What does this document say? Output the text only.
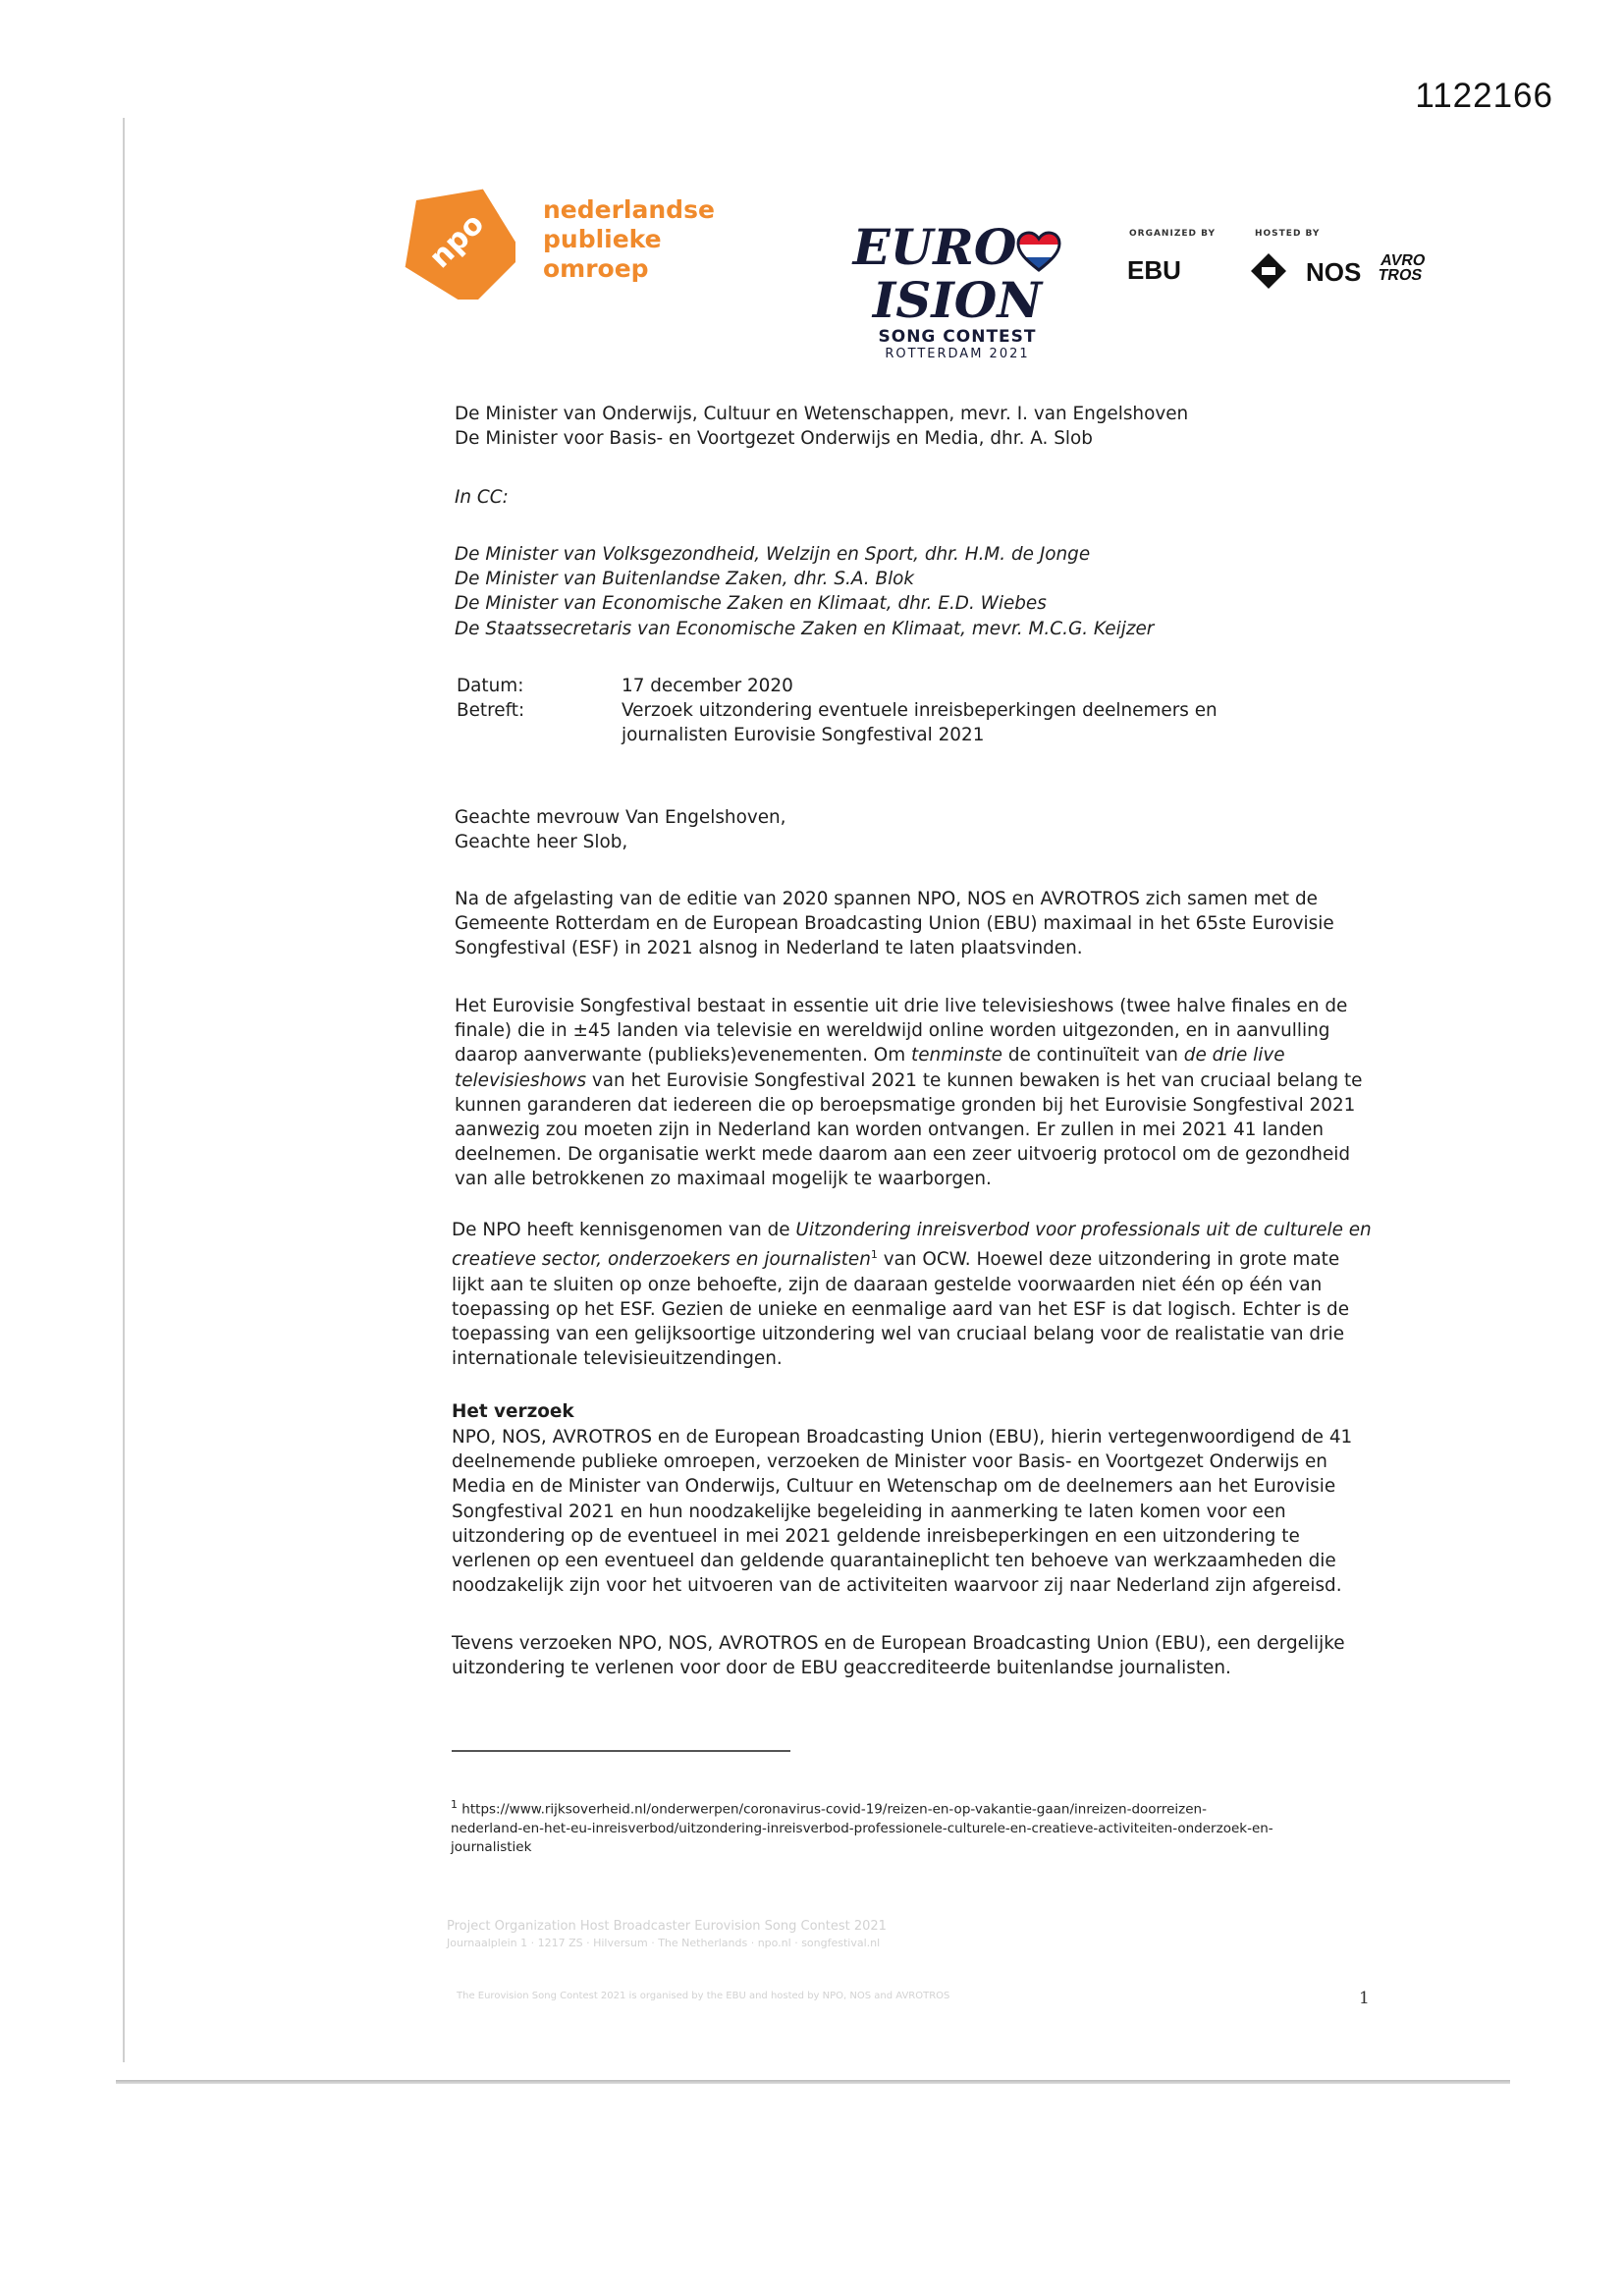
1122166
npo nederlandse
publieke
omroep	EUROISION
SONG CONTEST
ROTTERDAM 2021
ORGANIZED BY
EBU
HOSTED BY
NOS AVRO
TROS
De Minister van Onderwijs, Cultuur en Wetenschappen, mevr. I. van Engelshoven
De Minister voor Basis- en Voortgezet Onderwijs en Media, dhr. A. Slob
In CC:
De Minister van Volksgezondheid, Welzijn en Sport, dhr. H.M. de Jonge
De Minister van Buitenlandse Zaken, dhr. S.A. Blok
De Minister van Economische Zaken en Klimaat, dhr. E.D. Wiebes
De Staatssecretaris van Economische Zaken en Klimaat, mevr. M.C.G. Keijzer
Datum:	17 december 2020
Betreft:	Verzoek uitzondering eventuele inreisbeperkingen deelnemers en
journalisten Eurovisie Songfestival 2021
Geachte mevrouw Van Engelshoven,
Geachte heer Slob,
Na de afgelasting van de editie van 2020 spannen NPO, NOS en AVROTROS zich samen met de
Gemeente Rotterdam en de European Broadcasting Union (EBU) maximaal in het 65ste Eurovisie
Songfestival (ESF) in 2021 alsnog in Nederland te laten plaatsvinden.
Het Eurovisie Songfestival bestaat in essentie uit drie live televisieshows (twee halve finales en de
finale) die in ±45 landen via televisie en wereldwijd online worden uitgezonden, en in aanvulling
daarop aanverwante (publieks)evenementen. Om tenminste de continuïteit van de drie live
televisieshows van het Eurovisie Songfestival 2021 te kunnen bewaken is het van cruciaal belang te
kunnen garanderen dat iedereen die op beroepsmatige gronden bij het Eurovisie Songfestival 2021
aanwezig zou moeten zijn in Nederland kan worden ontvangen. Er zullen in mei 2021 41 landen
deelnemen. De organisatie werkt mede daarom aan een zeer uitvoerig protocol om de gezondheid
van alle betrokkenen zo maximaal mogelijk te waarborgen.
De NPO heeft kennisgenomen van de Uitzondering inreisverbod voor professionals uit de culturele en
creatieve sector, onderzoekers en journalisten$^1$ van OCW. Hoewel deze uitzondering in grote mate
lijkt aan te sluiten op onze behoefte, zijn de daaraan gestelde voorwaarden niet één op één van
toepassing op het ESF. Gezien de unieke en eenmalige aard van het ESF is dat logisch. Echter is de
toepassing van een gelijksoortige uitzondering wel van cruciaal belang voor de realistatie van drie
internationale televisieuitzendingen.
Het verzoek
NPO, NOS, AVROTROS en de European Broadcasting Union (EBU), hierin vertegenwoordigend de 41
deelnemende publieke omroepen, verzoeken de Minister voor Basis- en Voortgezet Onderwijs en
Media en de Minister van Onderwijs, Cultuur en Wetenschap om de deelnemers aan het Eurovisie
Songfestival 2021 en hun noodzakelijke begeleiding in aanmerking te laten komen voor een
uitzondering op de eventueel in mei 2021 geldende inreisbeperkingen en een uitzondering te
verlenen op een eventueel dan geldende quarantaineplicht ten behoeve van werkzaamheden die
noodzakelijk zijn voor het uitvoeren van de activiteiten waarvoor zij naar Nederland zijn afgereisd.
Tevens verzoeken NPO, NOS, AVROTROS en de European Broadcasting Union (EBU), een dergelijke
uitzondering te verlenen voor door de EBU geaccrediteerde buitenlandse journalisten.
$^1$ https://www.rijksoverheid.nl/onderwerpen/coronavirus-covid-19/reizen-en-op-vakantie-gaan/inreizen-doorreizen-
nederland-en-het-eu-inreisverbod/uitzondering-inreisverbod-professionele-culturele-en-creatieve-activiteiten-onderzoek-en-
journalistiek
Project Organization Host Broadcaster Eurovision Song Contest 2021
Journaalplein 1 · 1217 ZS · Hilversum · The Netherlands · npo.nl · songfestival.nl
The Eurovision Song Contest 2021 is organised by the EBU and hosted by NPO, NOS and AVROTROS	1
